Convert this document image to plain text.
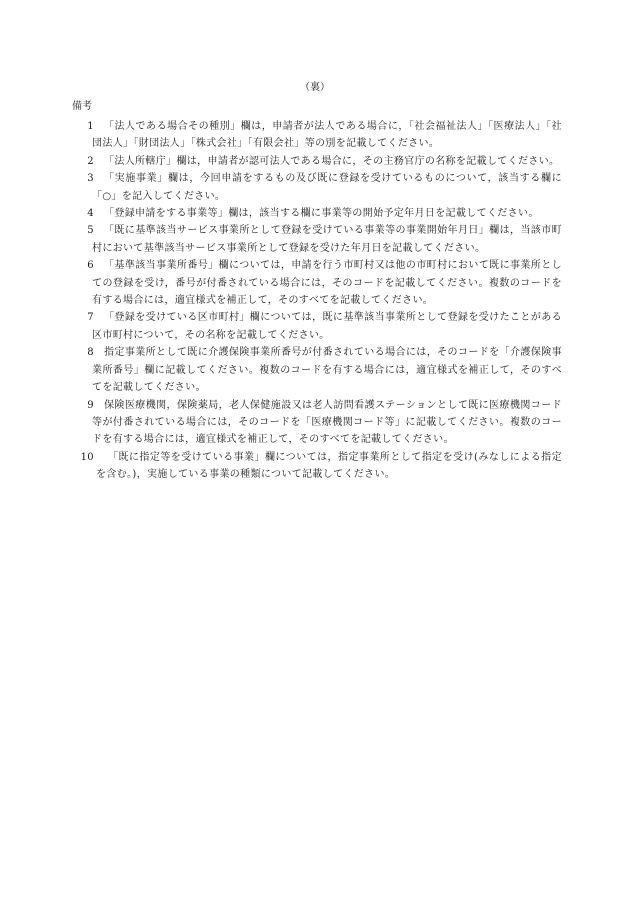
（裏）
備考
1	「法人である場合その種別」欄は，申請者が法人である場合に，「社会福祉法人」「医療法人」「社団法人」「財団法人」「株式会社」「有限会社」等の別を記載してください。
2	「法人所轄庁」欄は，申請者が認可法人である場合に，その主務官庁の名称を記載してください。
3	「実施事業」欄は，今回申請をするもの及び既に登録を受けているものについて，該当する欄に「○」を記入してください。
4	「登録申請をする事業等」欄は，該当する欄に事業等の開始予定年月日を記載してください。
5	「既に基準該当サービス事業所として登録を受けている事業等の事業開始年月日」欄は，当該市町村において基準該当サービス事業所として登録を受けた年月日を記載してください。
6	「基準該当事業所番号」欄については，申請を行う市町村又は他の市町村において既に事業所としての登録を受け，番号が付番されている場合には，そのコードを記載してください。複数のコードを有する場合には，適宜様式を補正して，そのすべてを記載してください。
7	「登録を受けている区市町村」欄については，既に基準該当事業所として登録を受けたことがある区市町村について，その名称を記載してください。
8	指定事業所として既に介護保険事業所番号が付番されている場合には，そのコードを「介護保険事業所番号」欄に記載してください。複数のコードを有する場合には，適宜様式を補正して，そのすべてを記載してください。
9	保険医療機関，保険薬局，老人保健施設又は老人訪問看護ステーションとして既に医療機関コード等が付番されている場合には，そのコードを「医療機関コード等」に記載してください。複数のコードを有する場合には，適宜様式を補正して，そのすべてを記載してください。
10	「既に指定等を受けている事業」欄については，指定事業所として指定を受け(みなしによる指定を含む。)，実施している事業の種類について記載してください。
